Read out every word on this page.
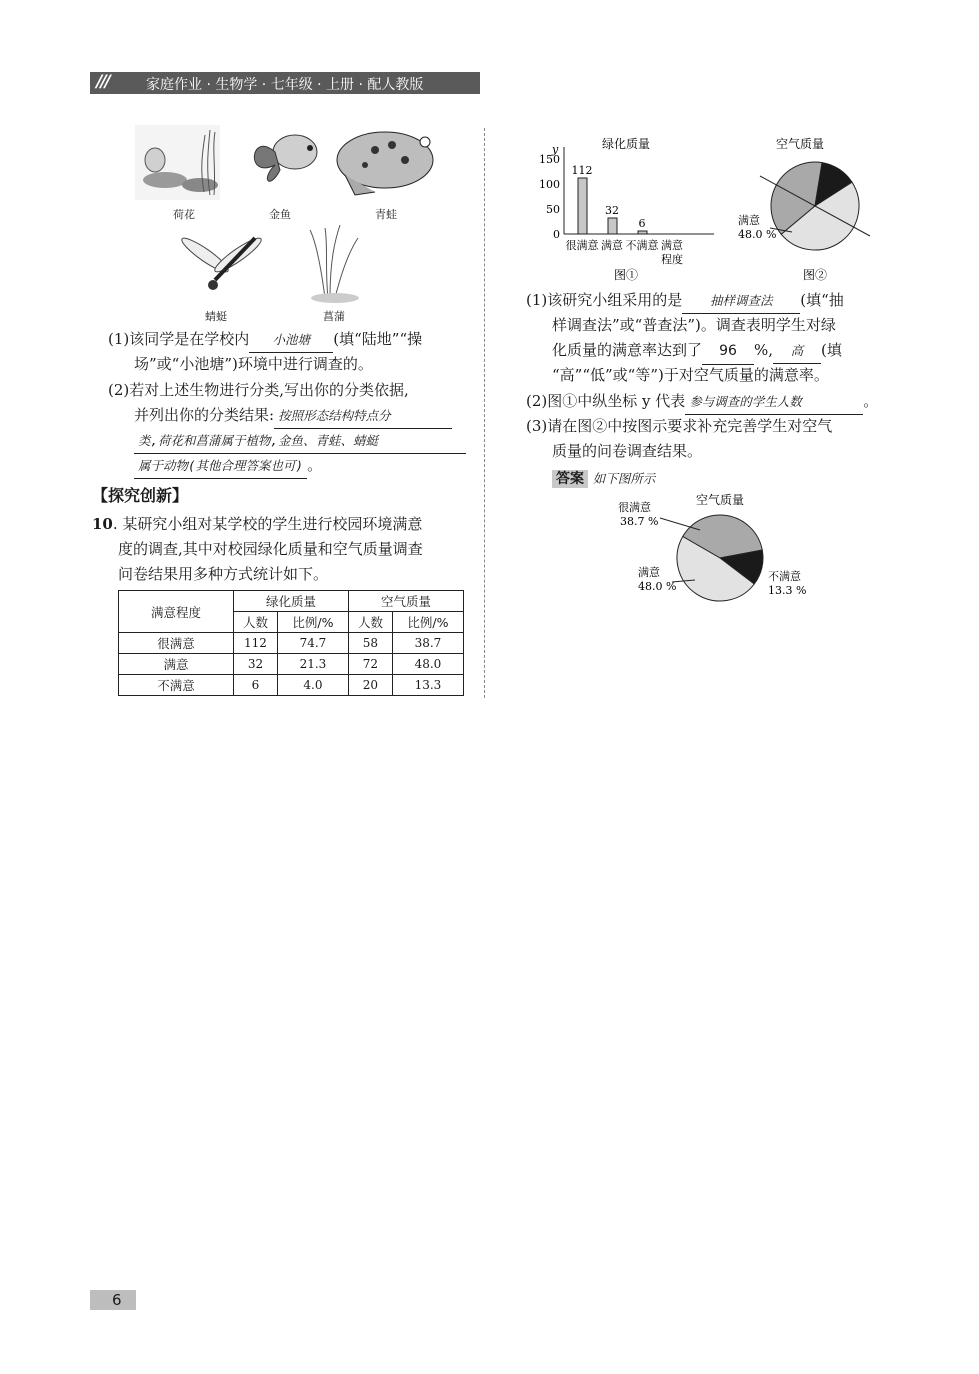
///	家庭作业 · 生物学 · 七年级 · 上册 · 配人教版
荷花	金鱼	青蛙
蜻蜓	菖蒲
(1)该同学是在学校内 小池塘 (填“陆地”“操
场”或“小池塘”)环境中进行调查的。
(2)若对上述生物进行分类,写出你的分类依据,
并列出你的分类结果: 按照形态结构特点分
类,荷花和菖蒲属于植物,金鱼、青蛙、蜻蜓
属于动物(其他合理答案也可) 。
【探究创新】
10. 某研究小组对某学校的学生进行校园环境满意
度的调查,其中对校园绿化质量和空气质量调查
问卷结果用多种方式统计如下。
满意程度	绿化质量		空气质量	
	人数	比例/%	人数	比例/%
很满意	112	74.7	58	38.7
满意	32	21.3	72	48.0
不满意	6	4.0	20	13.3
绿化质量
y
0
50
100
150
112
很满意
32
满意
6
不满意 满意
程度
图①
空气质量
满意
48.0 %
图②
(1)该研究小组采用的是 抽样调查法 (填“抽
样调查法”或“普查法”)。调查表明学生对绿
化质量的满意率达到了 96 %, 高 (填
“高”“低”或“等”)于对空气质量的满意率。
(2)图①中纵坐标 y 代表 参与调查的学生人数	。
(3)请在图②中按图示要求补充完善学生对空气
质量的问卷调查结果。
答案 如下图所示
空气质量
很满意
38.7 %
满意
48.0 %
不满意
13.3 %
6
